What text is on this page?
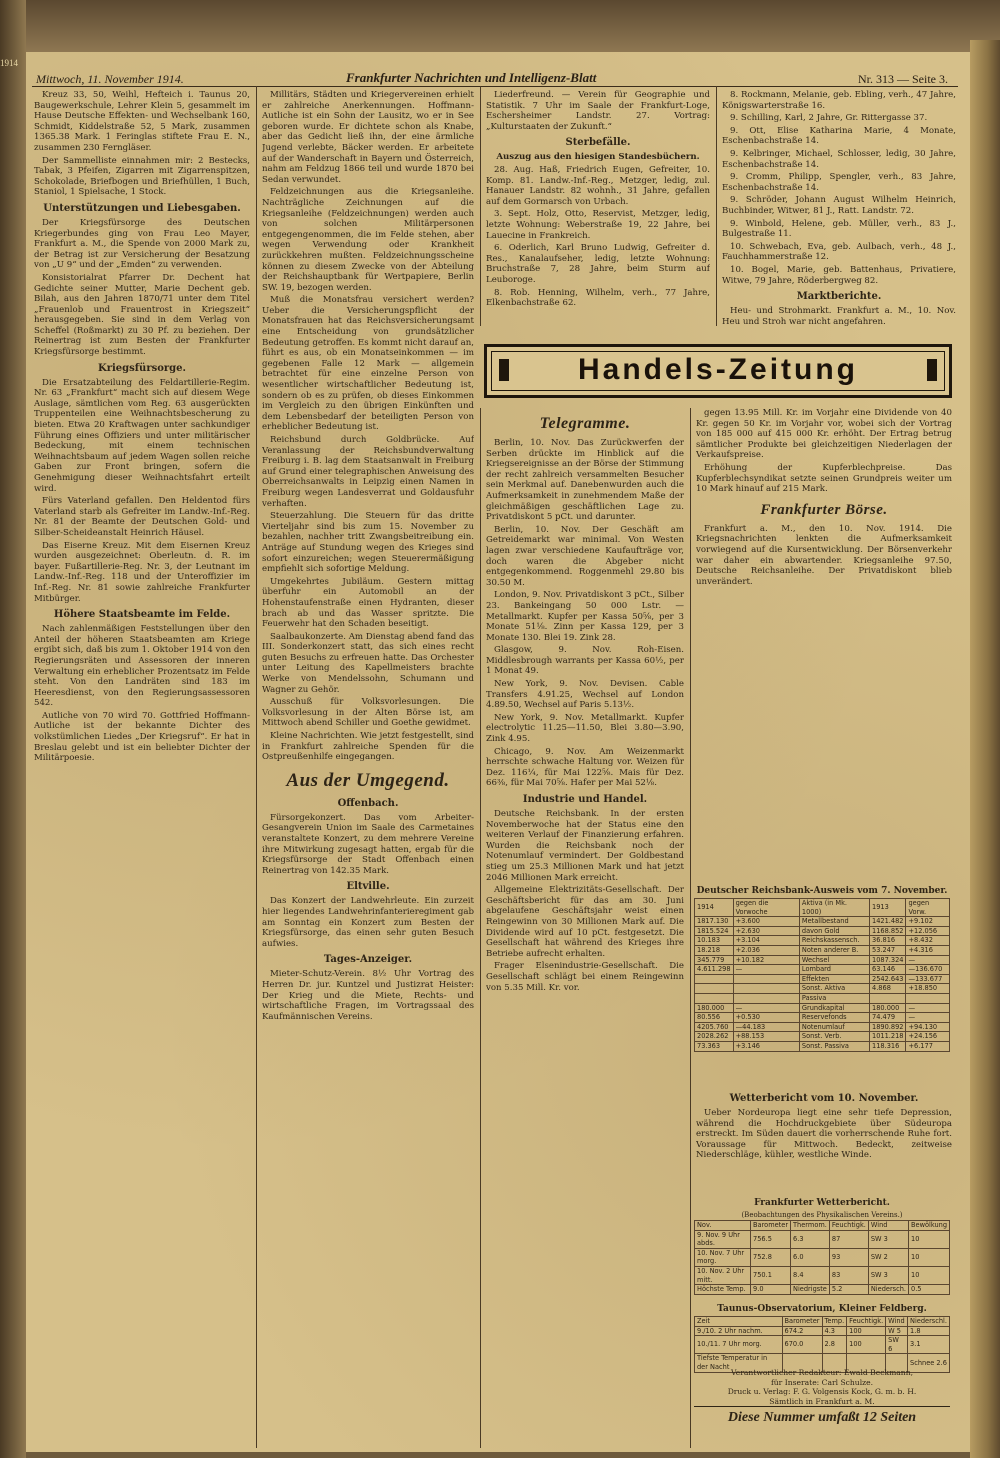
1914
Mittwoch, 11. November 1914.	Frankfurter Nachrichten und Intelligenz-Blatt	Nr. 313 — Seite 3.

Kreuz 33, 50, Weihl, Hefteich i. Taunus 20, Baugewerkschule, Lehrer Klein 5, gesammelt im Hause Deutsche Effekten- und Wechselbank 160, Schmidt, Kiddelstraße 52, 5 Mark, zusammen 1365.38 Mark. 1 Feringlas stiftete Frau E. N., zusammen 230 Ferngläser.

Der Sammelliste einnahmen mir: 2 Bestecks, Tabak, 3 Pfeifen, Zigarren mit Zigarrenspitzen, Schokolade, Briefbogen und Briefhüllen, 1 Buch, Staniol, 1 Spielsache, 1 Stock.

Unterstützungen und Liebesgaben.

Der Kriegsfürsorge des Deutschen Kriegerbundes ging von Frau Leo Mayer, Frankfurt a. M., die Spende von 2000 Mark zu, der Betrag ist zur Versicherung der Besatzung von „U 9“ und der „Emden“ zu verwenden.

Konsistorialrat Pfarrer Dr. Dechent hat Gedichte seiner Mutter, Marie Dechent geb. Bilah, aus den Jahren 1870/71 unter dem Titel „Frauenlob und Frauentrost in Kriegszeit“ herausgegeben. Sie sind in dem Verlag von Scheffel (Roßmarkt) zu 30 Pf. zu beziehen. Der Reinertrag ist zum Besten der Frankfurter Kriegsfürsorge bestimmt.

Kriegsfürsorge.

Die Ersatzabteilung des Feldartillerie-Regim. Nr. 63 „Frankfurt“ macht sich auf diesem Wege Auslage, sämtlichen vom Reg. 63 ausgerückten Truppenteilen eine Weihnachtsbescherung zu bieten. Etwa 20 Kraftwagen unter sachkundiger Führung eines Offiziers und unter militärischer Bedeckung, mit einem technischen Weihnachtsbaum auf jedem Wagen sollen reiche Gaben zur Front bringen, sofern die Genehmigung dieser Weihnachtsfahrt erteilt wird.

Fürs Vaterland gefallen. Den Heldentod fürs Vaterland starb als Gefreiter im Landw.-Inf.-Reg. Nr. 81 der Beamte der Deutschen Gold- und Silber-Scheideanstalt Heinrich Häusel.

Das Eiserne Kreuz. Mit dem Eisernen Kreuz wurden ausgezeichnet: Oberleutn. d. R. im bayer. Fußartillerie-Reg. Nr. 3, der Leutnant im Landw.-Inf.-Reg. 118 und der Unteroffizier im Inf.-Reg. Nr. 81 sowie zahlreiche Frankfurter Mitbürger.

Höhere Staatsbeamte im Felde.

Nach zahlenmäßigen Feststellungen über den Anteil der höheren Staatsbeamten am Kriege ergibt sich, daß bis zum 1. Oktober 1914 von den Regierungsräten und Assessoren der inneren Verwaltung ein erheblicher Prozentsatz im Felde steht. Von den Landräten sind 183 im Heeresdienst, von den Regierungsassessoren 542.

Autliche von 70 wird 70. Gottfried Hoffmann-Autliche ist der bekannte Dichter des volkstümlichen Liedes „Der Kriegsruf“. Er hat in Breslau gelebt und ist ein beliebter Dichter der Militärpoesie.

Millitärs, Städten und Kriegervereinen erhielt er zahlreiche Anerkennungen. Hoffmann-Autliche ist ein Sohn der Lausitz, wo er in See geboren wurde. Er dichtete schon als Knabe, aber das Gedicht ließ ihn, der eine ärmliche Jugend verlebte, Bäcker werden. Er arbeitete auf der Wanderschaft in Bayern und Österreich, nahm am Feldzug 1866 teil und wurde 1870 bei Sedan verwundet.

Feldzeichnungen aus die Kriegsanleihe. Nachträgliche Zeichnungen auf die Kriegsanleihe (Feldzeichnungen) werden auch von solchen Militärpersonen entgegengenommen, die im Felde stehen, aber wegen Verwendung oder Krankheit zurückkehren mußten. Feldzeichnungsscheine können zu diesem Zwecke von der Abteilung der Reichshauptbank für Wertpapiere, Berlin SW. 19, bezogen werden.

Muß die Monatsfrau versichert werden? Ueber die Versicherungspflicht der Monatsfrauen hat das Reichsversicherungsamt eine Entscheidung von grundsätzlicher Bedeutung getroffen. Es kommt nicht darauf an, führt es aus, ob ein Monatseinkommen — im gegebenen Falle 12 Mark — allgemein betrachtet für eine einzelne Person von wesentlicher wirtschaftlicher Bedeutung ist, sondern ob es zu prüfen, ob dieses Einkommen im Vergleich zu den übrigen Einkünften und dem Lebensbedarf der beteiligten Person von erheblicher Bedeutung ist.

Reichsbund durch Goldbrücke. Auf Veranlassung der Reichsbundverwaltung Freiburg i. B. lag dem Staatsanwalt in Freiburg auf Grund einer telegraphischen Anweisung des Oberreichsanwalts in Leipzig einen Namen in Freiburg wegen Landesverrat und Goldausfuhr verhaften.

Steuerzahlung. Die Steuern für das dritte Vierteljahr sind bis zum 15. November zu bezahlen, nachher tritt Zwangsbeitreibung ein. Anträge auf Stundung wegen des Krieges sind sofort einzureichen; wegen Steuerermäßigung empfiehlt sich sofortige Meldung.

Umgekehrtes Jubiläum. Gestern mittag überfuhr ein Automobil an der Hohenstaufenstraße einen Hydranten, dieser brach ab und das Wasser spritzte. Die Feuerwehr hat den Schaden beseitigt.

Saalbaukonzerte. Am Dienstag abend fand das III. Sonderkonzert statt, das sich eines recht guten Besuchs zu erfreuen hatte. Das Orchester unter Leitung des Kapellmeisters brachte Werke von Mendelssohn, Schumann und Wagner zu Gehör.

Ausschuß für Volksvorlesungen. Die Volksvorlesung in der Alten Börse ist, am Mittwoch abend Schiller und Goethe gewidmet.

Kleine Nachrichten. Wie jetzt festgestellt, sind in Frankfurt zahlreiche Spenden für die Ostpreußenhilfe eingegangen.

Aus der Umgegend.
Offenbach.

Fürsorgekonzert. Das vom Arbeiter-Gesangverein Union im Saale des Carmetaines veranstaltete Konzert, zu dem mehrere Vereine ihre Mitwirkung zugesagt hatten, ergab für die Kriegsfürsorge der Stadt Offenbach einen Reinertrag von 142.35 Mark.

Eltville.

Das Konzert der Landwehrleute. Ein zurzeit hier liegendes Landwehrinfanterieregiment gab am Sonntag ein Konzert zum Besten der Kriegsfürsorge, das einen sehr guten Besuch aufwies.

Tages-Anzeiger.

Mieter-Schutz-Verein. 8½ Uhr Vortrag des Herren Dr. jur. Kuntzel und Justizrat Heister: Der Krieg und die Miete, Rechts- und wirtschaftliche Fragen, im Vortragssaal des Kaufmännischen Vereins.

Liederfreund. — Verein für Geographie und Statistik. 7 Uhr im Saale der Frankfurt-Loge, Eschersheimer Landstr. 27. Vortrag: „Kulturstaaten der Zukunft.“

Sterbefälle.

Auszug aus den hiesigen Standesbüchern.

28. Aug. Haß, Friedrich Eugen, Gefreiter, 10. Komp. 81. Landw.-Inf.-Reg., Metzger, ledig, zul. Hanauer Landstr. 82 wohnh., 31 Jahre, gefallen auf dem Gormarsch von Urbach.

3. Sept. Holz, Otto, Reservist, Metzger, ledig, letzte Wohnung: Weberstraße 19, 22 Jahre, bei Lauecine in Frankreich.

6. Oderlich, Karl Bruno Ludwig, Gefreiter d. Res., Kanalaufseher, ledig, letzte Wohnung: Bruchstraße 7, 28 Jahre, beim Sturm auf Leuboroge.

8. Rob. Henning, Wilhelm, verh., 77 Jahre, Elkenbachstraße 62.

8. Rockmann, Melanie, geb. Ebling, verh., 47 Jahre, Königswarterstraße 16.

9. Schilling, Karl, 2 Jahre, Gr. Rittergasse 37.

9. Ott, Elise Katharina Marie, 4 Monate, Eschenbachstraße 14.

9. Kelbringer, Michael, Schlosser, ledig, 30 Jahre, Eschenbachstraße 14.

9. Cromm, Philipp, Spengler, verh., 83 Jahre, Eschenbachstraße 14.

9. Schröder, Johann August Wilhelm Heinrich, Buchbinder, Witwer, 81 J., Ratt. Landstr. 72.

9. Winbold, Helene, geb. Müller, verh., 83 J., Bulgestraße 11.

10. Schwebach, Eva, geb. Aulbach, verh., 48 J., Fauchhammerstraße 12.

10. Bogel, Marie, geb. Battenhaus, Privatiere, Witwe, 79 Jahre, Röderbergweg 82.

Marktberichte.

Heu- und Strohmarkt. Frankfurt a. M., 10. Nov. Heu und Stroh war nicht angefahren.

Handels-Zeitung
Telegramme.

Berlin, 10. Nov. Das Zurückwerfen der Serben drückte im Hinblick auf die Kriegsereignisse an der Börse der Stimmung der recht zahlreich versammelten Besucher sein Merkmal auf. Danebenwurden auch die Aufmerksamkeit in zunehmendem Maße der gleichmäßigen geschäftlichen Lage zu. Privatdiskont 5 pCt. und darunter.

Berlin, 10. Nov. Der Geschäft am Getreidemarkt war minimal. Von Westen lagen zwar verschiedene Kaufaufträge vor, doch waren die Abgeber nicht entgegenkommend. Roggenmehl 29.80 bis 30.50 M.

London, 9. Nov. Privatdiskont 3 pCt., Silber 23. Bankeingang 50 000 Lstr. — Metallmarkt. Kupfer per Kassa 50⅝, per 3 Monate 51⅛. Zinn per Kassa 129, per 3 Monate 130. Blei 19. Zink 28.

Glasgow, 9. Nov. Roh-Eisen. Middlesbrough warrants per Kassa 60½, per 1 Monat 49.

New York, 9. Nov. Devisen. Cable Transfers 4.91.25, Wechsel auf London 4.89.50, Wechsel auf Paris 5.13½.

New York, 9. Nov. Metallmarkt. Kupfer electrolytic 11.25—11.50, Blei 3.80—3.90, Zink 4.95.

Chicago, 9. Nov. Am Weizenmarkt herrschte schwache Haltung vor. Weizen für Dez. 116¼, für Mai 122⅝. Mais für Dez. 66⅜, für Mai 70⅝. Hafer per Mai 52⅛.

Industrie und Handel.

Deutsche Reichsbank. In der ersten Novemberwoche hat der Status eine den weiteren Verlauf der Finanzierung erfahren. Wurden die Reichsbank noch der Notenumlauf vermindert. Der Goldbestand stieg um 25.3 Millionen Mark und hat jetzt 2046 Millionen Mark erreicht.

Allgemeine Elektrizitäts-Gesellschaft. Der Geschäftsbericht für das am 30. Juni abgelaufene Geschäftsjahr weist einen Reingewinn von 30 Millionen Mark auf. Die Dividende wird auf 10 pCt. festgesetzt. Die Gesellschaft hat während des Krieges ihre Betriebe aufrecht erhalten.

Frager Elsenindustrie-Gesellschaft. Die Gesellschaft schlägt bei einem Reingewinn von 5.35 Mill. Kr. vor.

gegen 13.95 Mill. Kr. im Vorjahr eine Dividende von 40 Kr. gegen 50 Kr. im Vorjahr vor, wobei sich der Vortrag von 185 000 auf 415 000 Kr. erhöht. Der Ertrag betrug sämtlicher Produkte bei gleichzeitigen Niederlagen der Verkaufspreise.

Erhöhung der Kupferblechpreise. Das Kupferblechsyndikat setzte seinen Grundpreis weiter um 10 Mark hinauf auf 215 Mark.

Frankfurter Börse.

Frankfurt a. M., den 10. Nov. 1914. Die Kriegsnachrichten lenkten die Aufmerksamkeit vorwiegend auf die Kursentwicklung. Der Börsenverkehr war daher ein abwartender. Kriegsanleihe 97.50, Deutsche Reichsanleihe. Der Privatdiskont blieb unverändert.

Deutscher Reichsbank-Ausweis vom 7. November.
1914	gegen die Vorwoche	Aktiva (in Mk. 1000)	1913	gegen Vorw.
1817.130	+3.600	Metallbestand	1421.482	+9.102
1815.524	+2.630	davon Gold	1168.852	+12.056
10.183	+3.104	Reichskassensch.	36.816	+8.432
18.218	+2.036	Noten anderer B.	53.247	+4.316
345.779	+10.182	Wechsel	1087.324	—
4.611.298	—	Lombard	63.146	—136.670
		Effekten	2542.643	—133.677
		Sonst. Aktiva	4.868	+18.850
		Passiva		
180.000	—	Grundkapital	180.000	—
80.556	+0.530	Reservefonds	74.479	—
4205.760	—44.183	Notenumlauf	1890.892	+94.130
2028.262	+88.153	Sonst. Verb.	1011.218	+24.156
73.363	+3.146	Sonst. Passiva	118.316	+6.177
Wetterbericht vom 10. November.

Ueber Nordeuropa liegt eine sehr tiefe Depression, während die Hochdruckgebiete über Südeuropa erstreckt. Im Süden dauert die vorherrschende Ruhe fort. Voraussage für Mittwoch. Bedeckt, zeitweise Niederschläge, kühler, westliche Winde.

Frankfurter Wetterbericht.
(Beobachtungen des Physikalischen Vereins.)
Nov.	Barometer	Thermom.	Feuchtigk.	Wind	Bewölkung
9. Nov. 9 Uhr abds.	756.5	6.3	87	SW 3	10
10. Nov. 7 Uhr morg.	752.8	6.0	93	SW 2	10
10. Nov. 2 Uhr mitt.	750.1	8.4	83	SW 3	10
Höchste Temp.	9.0	Niedrigste	5.2	Niedersch.	0.5
Taunus-Observatorium, Kleiner Feldberg.
Zeit	Barometer	Temp.	Feuchtigk.	Wind	Niederschl.
9./10. 2 Uhr nachm.	674.2	4.3	100	W 5	1.8
10./11. 7 Uhr morg.	670.0	2.8	100	SW 6	3.1
Tiefste Temperatur in der Nacht					Schnee 2.6
Verantwortlicher Redakteur: Ewald Beckmann,
für Inserate: Carl Schulze.
Druck u. Verlag: F. G. Volgensis Kock, G. m. b. H.
Sämtlich in Frankfurt a. M.
Diese Nummer umfaßt 12 Seiten
